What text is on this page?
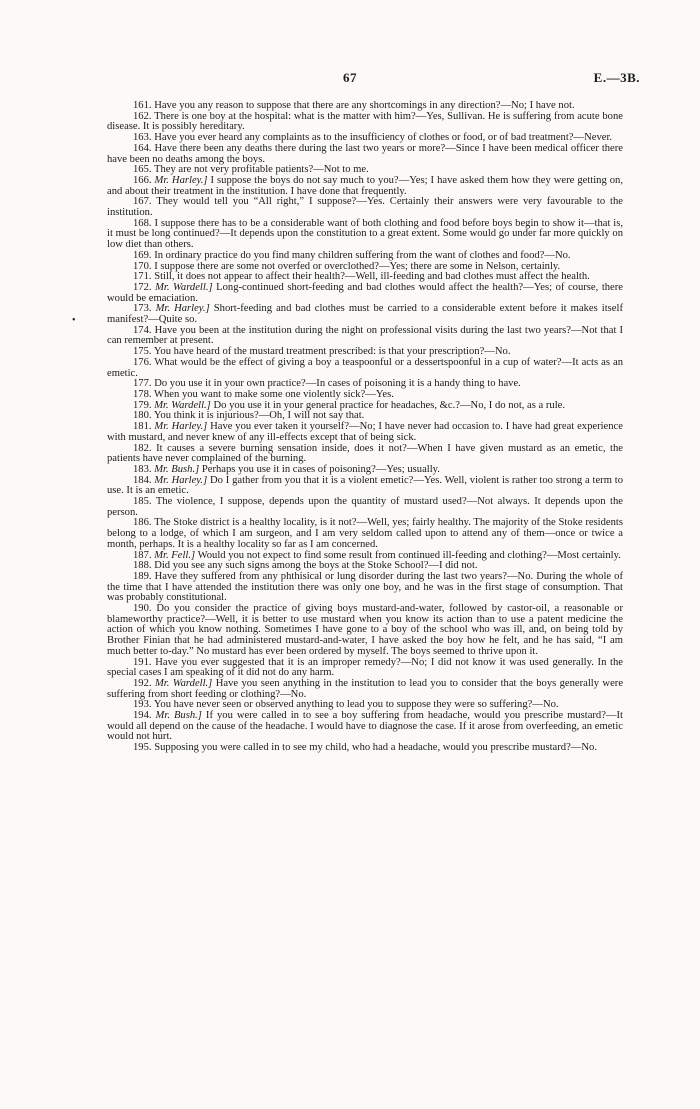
67	E.—3B.
•

161. Have you any reason to suppose that there are any shortcomings in any direction?—No; I have not.

162. There is one boy at the hospital: what is the matter with him?—Yes, Sullivan. He is suffering from acute bone disease. It is possibly hereditary.

163. Have you ever heard any complaints as to the insufficiency of clothes or food, or of bad treatment?—Never.

164. Have there been any deaths there during the last two years or more?—Since I have been medical officer there have been no deaths among the boys.

165. They are not very profitable patients?—Not to me.

166. Mr. Harley.] I suppose the boys do not say much to you?—Yes; I have asked them how they were getting on, and about their treatment in the institution. I have done that frequently.

167. They would tell you “All right,” I suppose?—Yes. Certainly their answers were very favourable to the institution.

168. I suppose there has to be a considerable want of both clothing and food before boys begin to show it—that is, it must be long continued?—It depends upon the constitution to a great extent. Some would go under far more quickly on low diet than others.

169. In ordinary practice do you find many children suffering from the want of clothes and food?—No.

170. I suppose there are some not overfed or overclothed?—Yes; there are some in Nelson, certainly.

171. Still, it does not appear to affect their health?—Well, ill-feeding and bad clothes must affect the health.

172. Mr. Wardell.] Long-continued short-feeding and bad clothes would affect the health?—Yes; of course, there would be emaciation.

173. Mr. Harley.] Short-feeding and bad clothes must be carried to a considerable extent before it makes itself manifest?—Quite so.

174. Have you been at the institution during the night on professional visits during the last two years?—Not that I can remember at present.

175. You have heard of the mustard treatment prescribed: is that your prescription?—No.

176. What would be the effect of giving a boy a teaspoonful or a dessertspoonful in a cup of water?—It acts as an emetic.

177. Do you use it in your own practice?—In cases of poisoning it is a handy thing to have.

178. When you want to make some one violently sick?—Yes.

179. Mr. Wardell.] Do you use it in your general practice for headaches, &c.?—No, I do not, as a rule.

180. You think it is injurious?—Oh, I will not say that.

181. Mr. Harley.] Have you ever taken it yourself?—No; I have never had occasion to. I have had great experience with mustard, and never knew of any ill-effects except that of being sick.

182. It causes a severe burning sensation inside, does it not?—When I have given mustard as an emetic, the patients have never complained of the burning.

183. Mr. Bush.] Perhaps you use it in cases of poisoning?—Yes; usually.

184. Mr. Harley.] Do I gather from you that it is a violent emetic?—Yes. Well, violent is rather too strong a term to use. It is an emetic.

185. The violence, I suppose, depends upon the quantity of mustard used?—Not always. It depends upon the person.

186. The Stoke district is a healthy locality, is it not?—Well, yes; fairly healthy. The majority of the Stoke residents belong to a lodge, of which I am surgeon, and I am very seldom called upon to attend any of them—once or twice a month, perhaps. It is a healthy locality so far as I am concerned.

187. Mr. Fell.] Would you not expect to find some result from continued ill-feeding and clothing?—Most certainly.

188. Did you see any such signs among the boys at the Stoke School?—I did not.

189. Have they suffered from any phthisical or lung disorder during the last two years?—No. During the whole of the time that I have attended the institution there was only one boy, and he was in the first stage of consumption. That was probably constitutional.

190. Do you consider the practice of giving boys mustard-and-water, followed by castor-oil, a reasonable or blameworthy practice?—Well, it is better to use mustard when you know its action than to use a patent medicine the action of which you know nothing. Sometimes I have gone to a boy of the school who was ill, and, on being told by Brother Finian that he had administered mustard-and-water, I have asked the boy how he felt, and he has said, “I am much better to-day.” No mustard has ever been ordered by myself. The boys seemed to thrive upon it.

191. Have you ever suggested that it is an improper remedy?—No; I did not know it was used generally. In the special cases I am speaking of it did not do any harm.

192. Mr. Wardell.] Have you seen anything in the institution to lead you to consider that the boys generally were suffering from short feeding or clothing?—No.

193. You have never seen or observed anything to lead you to suppose they were so suffering?—No.

194. Mr. Bush.] If you were called in to see a boy suffering from headache, would you prescribe mustard?—It would all depend on the cause of the headache. I would have to diagnose the case. If it arose from overfeeding, an emetic would not hurt.

195. Supposing you were called in to see my child, who had a headache, would you prescribe mustard?—No.
